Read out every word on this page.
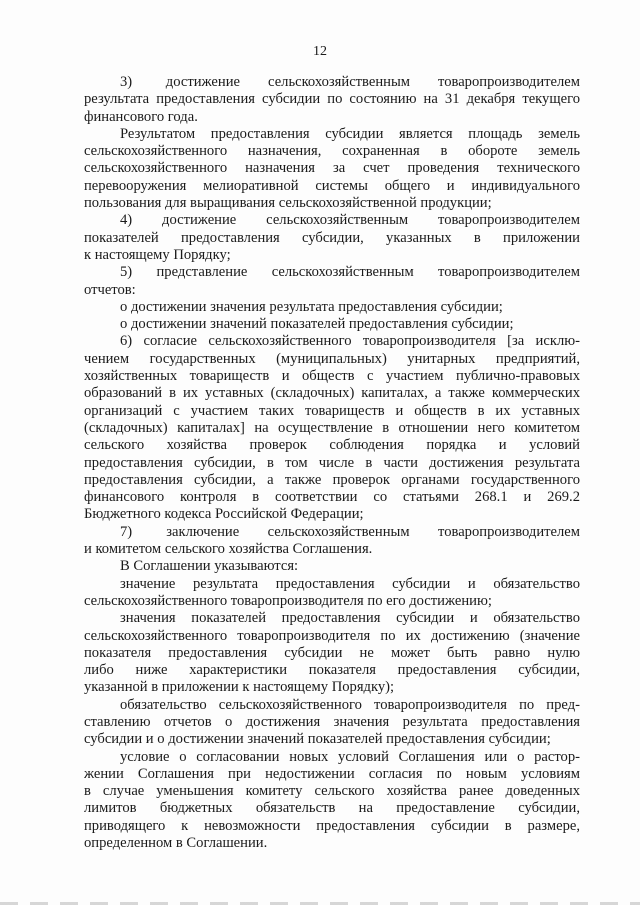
12
3)      достижение     сельскохозяйственным     товаропроизводителем
результата предоставления субсидии по состоянию на 31 декабря текущего
финансового года.
Результатом предоставления субсидии является площадь земель
сельскохозяйственного назначения, сохраненная в обороте земель
сельскохозяйственного назначения за счет проведения технического
перевооружения мелиоративной системы общего и индивидуального
пользования для выращивания сельскохозяйственной продукции;
4)     достижение     сельскохозяйственным     товаропроизводителем
показателей предоставления субсидии, указанных в приложении
к настоящему Порядку;
5)   представление   сельскохозяйственным   товаропроизводителем
отчетов:
о достижении значения результата предоставления субсидии;
о достижении значений показателей предоставления субсидии;
6) согласие сельскохозяйственного товаропроизводителя [за исклю-
чением государственных (муниципальных) унитарных предприятий,
хозяйственных товариществ и обществ с участием публично-правовых
образований в их уставных (складочных) капиталах, а также коммерческих
организаций с участием таких товариществ и обществ в их уставных
(складочных) капиталах] на осуществление в отношении него комитетом
сельского хозяйства проверок соблюдения порядка и условий
предоставления субсидии, в том числе в части достижения результата
предоставления субсидии, а также проверок органами государственного
финансового контроля в соответствии со статьями 268.1 и 269.2
Бюджетного кодекса Российской Федерации;
7)      заключение     сельскохозяйственным     товаропроизводителем
и комитетом сельского хозяйства Соглашения.
В Соглашении указываются:
значение результата предоставления субсидии и обязательство
сельскохозяйственного товаропроизводителя по его достижению;
значения показателей предоставления субсидии и обязательство
сельскохозяйственного товаропроизводителя по их достижению (значение
показателя предоставления субсидии не может быть равно нулю
либо ниже характеристики показателя предоставления субсидии,
указанной в приложении к настоящему Порядку);
обязательство сельскохозяйственного товаропроизводителя по пред-
ставлению отчетов о достижения значения результата предоставления
субсидии и о достижении значений показателей предоставления субсидии;
условие о согласовании новых условий Соглашения или о растор-
жении Соглашения при недостижении согласия по новым условиям
в случае уменьшения комитету сельского хозяйства ранее доведенных
лимитов бюджетных обязательств на предоставление субсидии,
приводящего к невозможности предоставления субсидии в размере,
определенном в Соглашении.
